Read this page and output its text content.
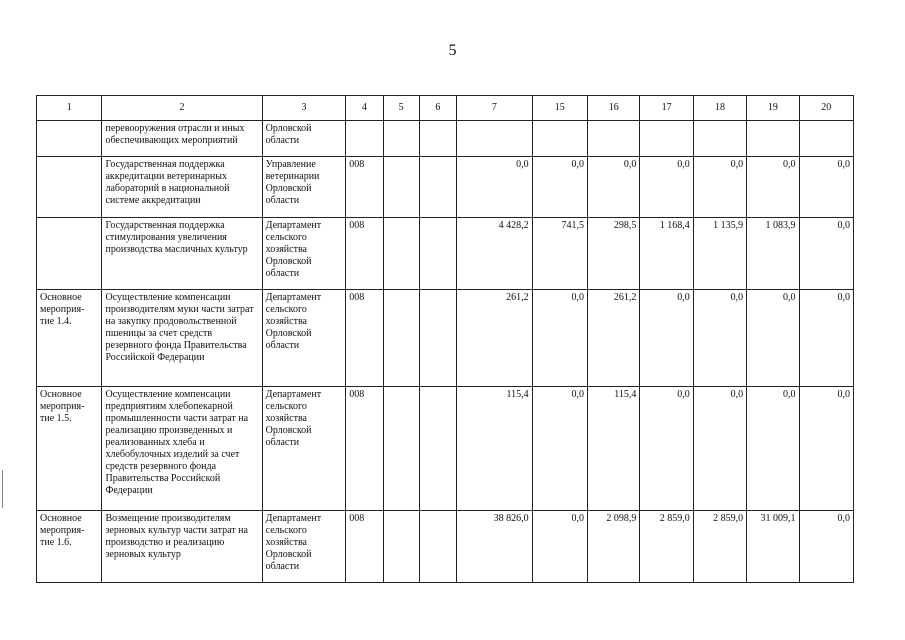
5
1	2	3	4	5	6	7	15	16	17	18	19	20
	перевооружения отрасли и иных обеспечивающих мероприятий	Орловской области										
	Государственная поддержка аккредитации ветеринарных лабораторий в национальной системе аккредитации	Управление ветеринарии Орловской области	008			0,0	0,0	0,0	0,0	0,0	0,0	0,0
	Государственная поддержка стимулирования увеличения производства масличных культур	Департамент сельского хозяйства Орловской области	008			4 428,2	741,5	298,5	1 168,4	1 135,9	1 083,9	0,0
Основное мероприя-тие 1.4.	Осуществление компенсации производителям муки части затрат на закупку продовольственной пшеницы за счет средств резервного фонда Правительства Российской Федерации	Департамент сельского хозяйства Орловской области	008			261,2	0,0	261,2	0,0	0,0	0,0	0,0
Основное мероприя-тие 1.5.	Осуществление компенсации предприятиям хлебопекарной промышленности части затрат на реализацию произведенных и реализованных хлеба и хлебобулочных изделий за счет средств резервного фонда Правительства Российской Федерации	Департамент сельского хозяйства Орловской области	008			115,4	0,0	115,4	0,0	0,0	0,0	0,0
Основное мероприя-тие 1.6.	Возмещение производителям зерновых культур части затрат на производство и реализацию зерновых культур	Департамент сельского хозяйства Орловской области	008			38 826,0	0,0	2 098,9	2 859,0	2 859,0	31 009,1	0,0
